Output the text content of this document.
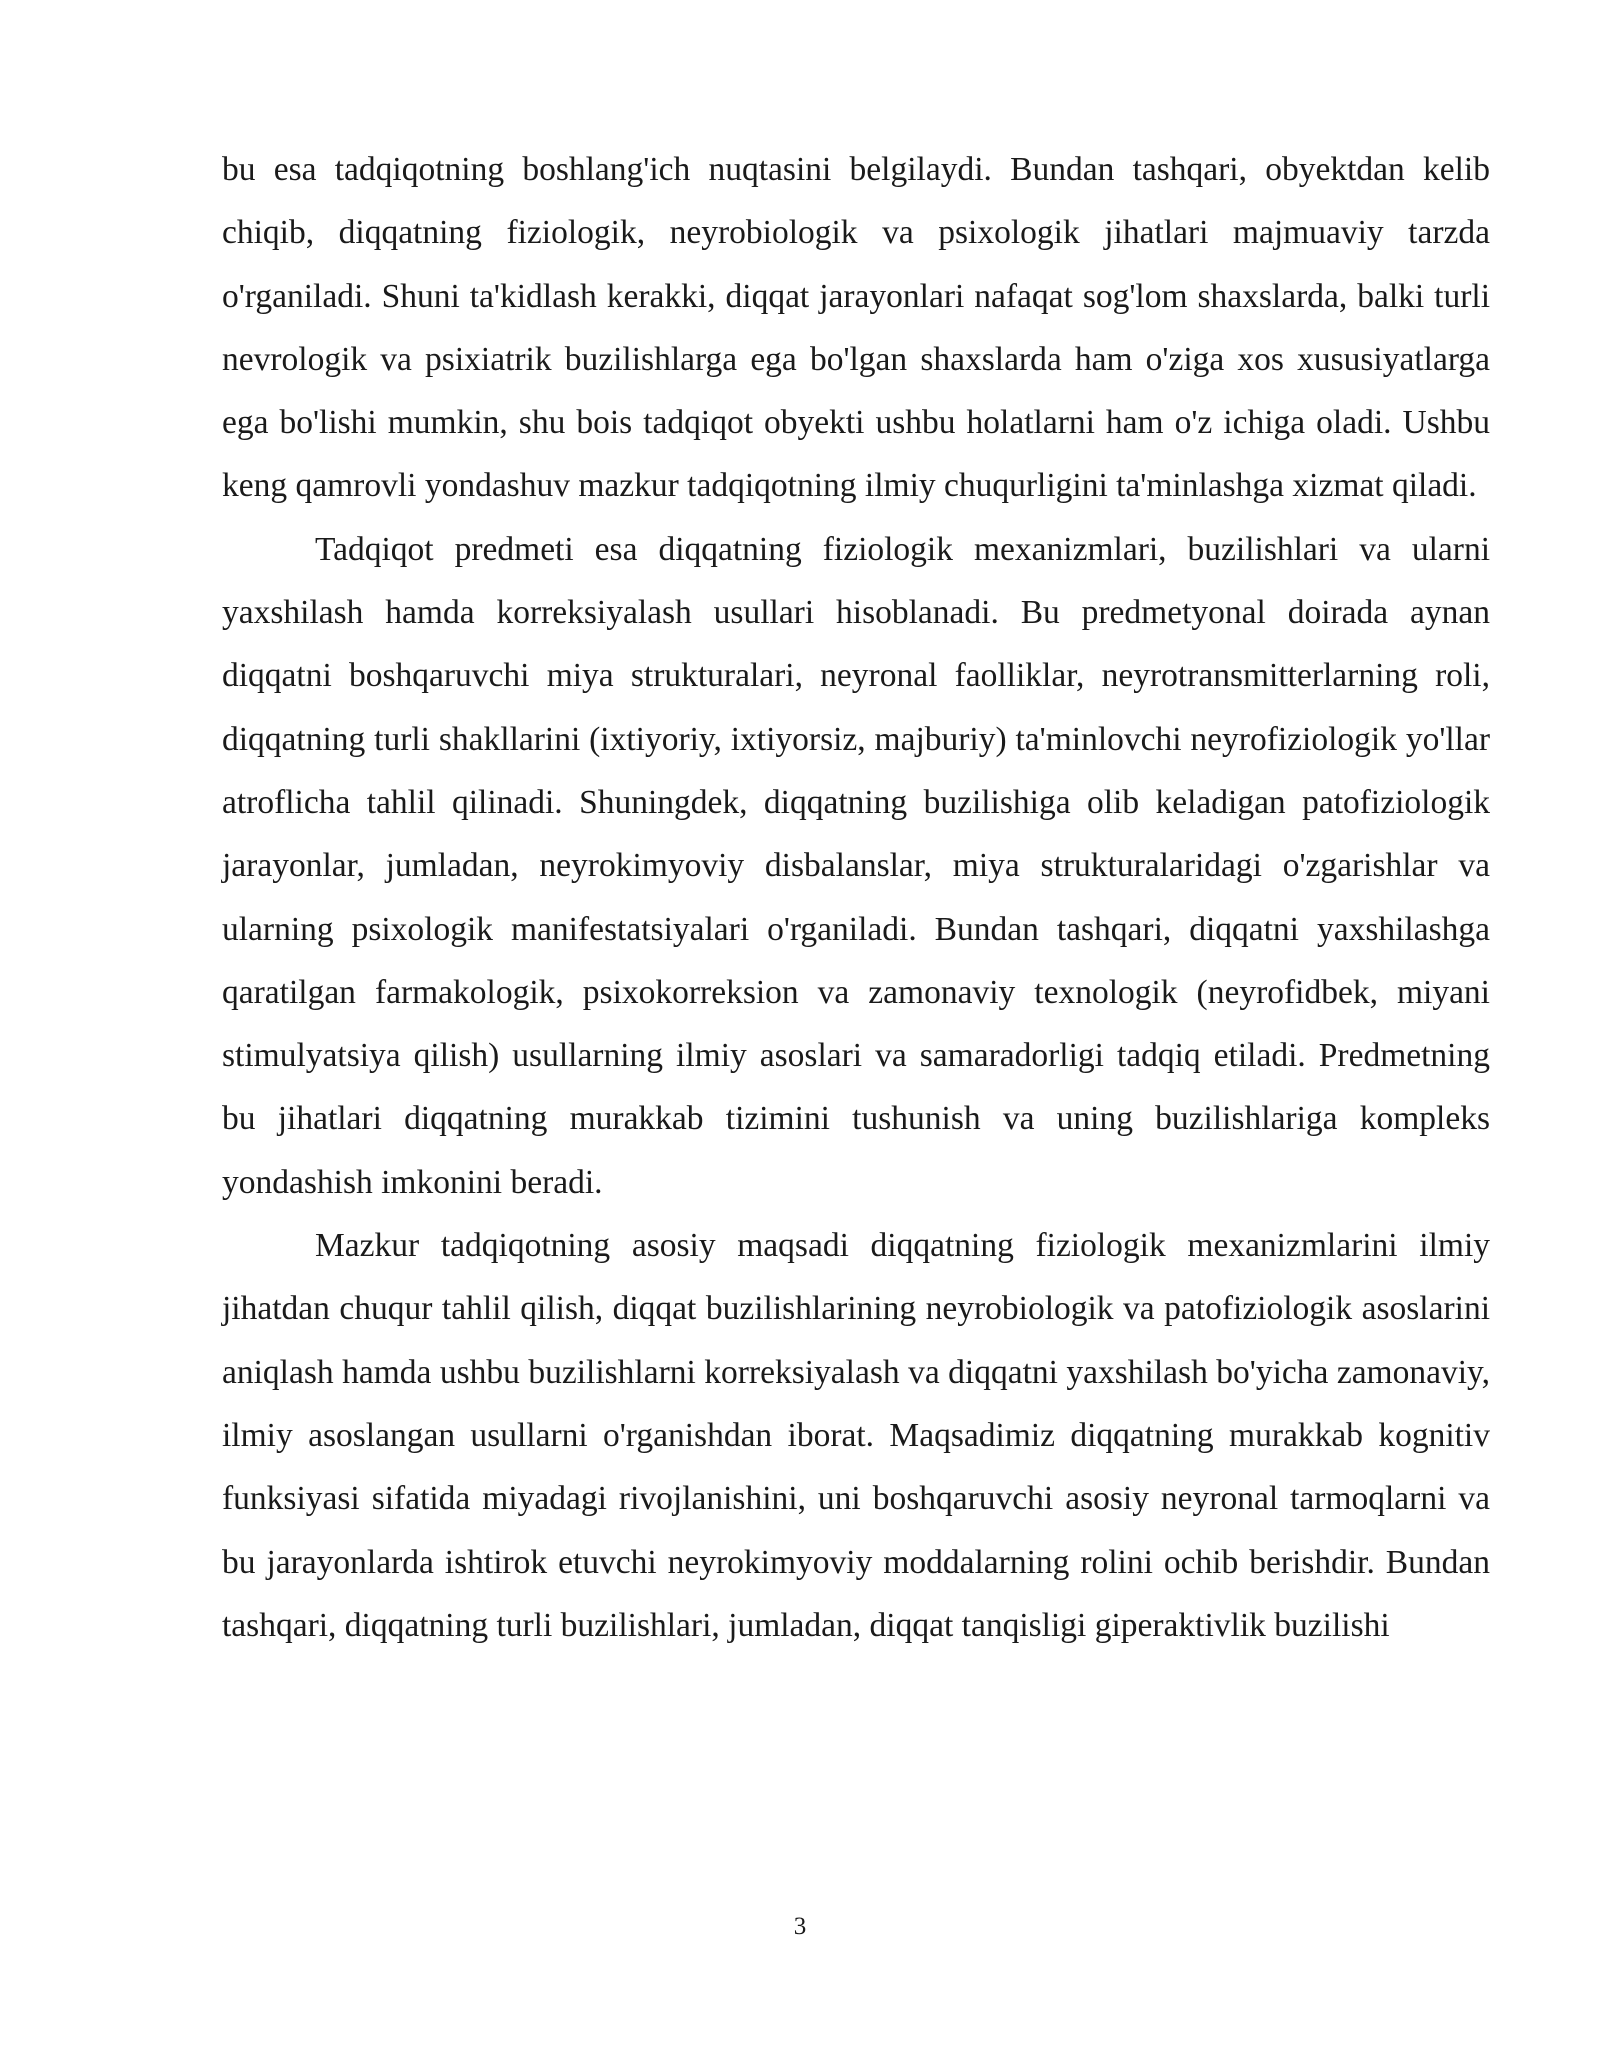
bu esa tadqiqotning boshlang'ich nuqtasini belgilaydi. Bundan tashqari, obyektdan kelib chiqib, diqqatning fiziologik, neyrobiologik va psixologik jihatlari majmuaviy tarzda o'rganiladi. Shuni ta'kidlash kerakki, diqqat jarayonlari nafaqat sog'lom shaxslarda, balki turli nevrologik va psixiatrik buzilishlarga ega bo'lgan shaxslarda ham o'ziga xos xususiyatlarga ega bo'lishi mumkin, shu bois tadqiqot obyekti ushbu holatlarni ham o'z ichiga oladi. Ushbu keng qamrovli yondashuv mazkur tadqiqotning ilmiy chuqurligini ta'minlashga xizmat qiladi.

Tadqiqot predmeti esa diqqatning fiziologik mexanizmlari, buzilishlari va ularni yaxshilash hamda korreksiyalash usullari hisoblanadi. Bu predmetyonal doirada aynan diqqatni boshqaruvchi miya strukturalari, neyronal faolliklar, neyrotransmitterlarning roli, diqqatning turli shakllarini (ixtiyoriy, ixtiyorsiz, majburiy) ta'minlovchi neyrofiziologik yo'llar atroflicha tahlil qilinadi. Shuningdek, diqqatning buzilishiga olib keladigan patofiziologik jarayonlar, jumladan, neyrokimyoviy disbalanslar, miya strukturalaridagi o'zgarishlar va ularning psixologik manifestatsiyalari o'rganiladi. Bundan tashqari, diqqatni yaxshilashga qaratilgan farmakologik, psixokorreksion va zamonaviy texnologik (neyrofidbek, miyani stimulyatsiya qilish) usullarning ilmiy asoslari va samaradorligi tadqiq etiladi. Predmetning bu jihatlari diqqatning murakkab tizimini tushunish va uning buzilishlariga kompleks yondashish imkonini beradi.

Mazkur tadqiqotning asosiy maqsadi diqqatning fiziologik mexanizmlarini ilmiy jihatdan chuqur tahlil qilish, diqqat buzilishlarining neyrobiologik va patofiziologik asoslarini aniqlash hamda ushbu buzilishlarni korreksiyalash va diqqatni yaxshilash bo'yicha zamonaviy, ilmiy asoslangan usullarni o'rganishdan iborat. Maqsadimiz diqqatning murakkab kognitiv funksiyasi sifatida miyadagi rivojlanishini, uni boshqaruvchi asosiy neyronal tarmoqlarni va bu jarayonlarda ishtirok etuvchi neyrokimyoviy moddalarning rolini ochib berishdir. Bundan tashqari, diqqatning turli buzilishlari, jumladan, diqqat tanqisligi giperaktivlik buzilishi

3
